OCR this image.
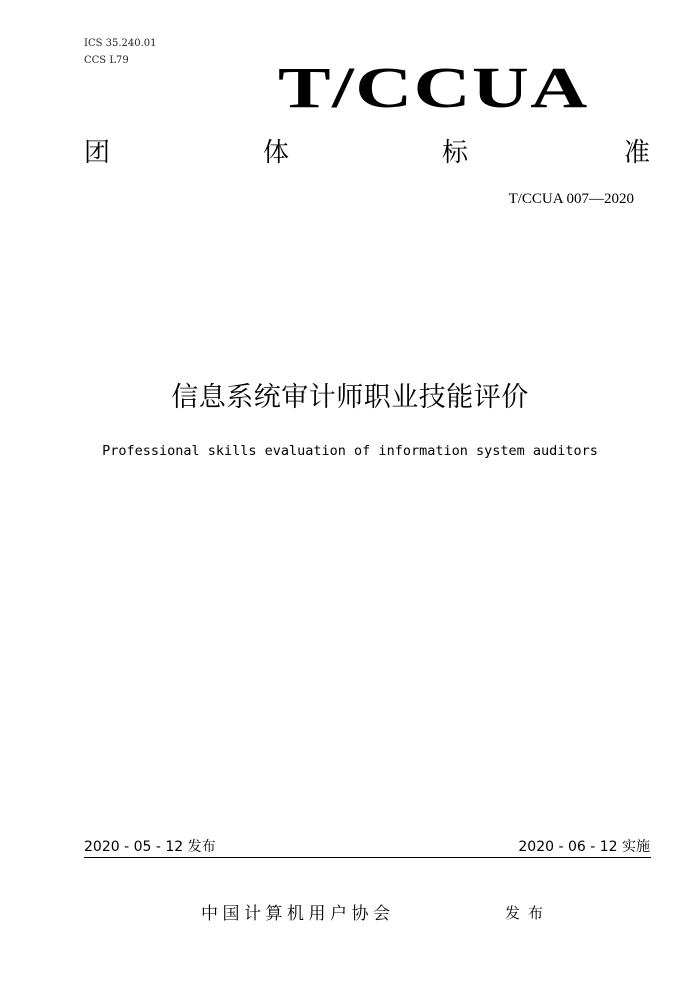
ICS 35.240.01
CCS L79	T/CCUA
团	体	标	准
T/CCUA 007—2020
信息系统审计师职业技能评价
Professional skills evaluation of information system auditors
2020 - 05 - 12 发布	2020 - 06 - 12 实施
中国计算机用户协会	发布
